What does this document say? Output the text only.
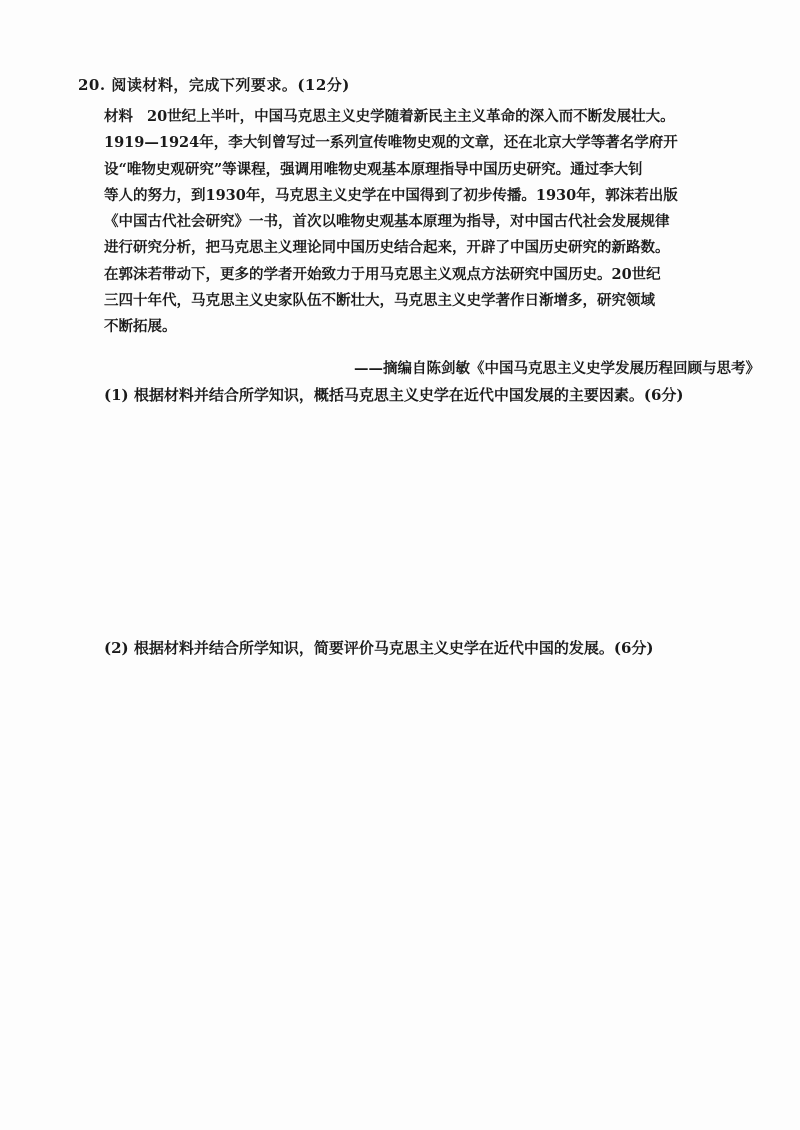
20. 阅读材料，完成下列要求。(12分)
材料 20世纪上半叶，中国马克思主义史学随着新民主主义革命的深入而不断发展壮大。
1919—1924年，李大钊曾写过一系列宣传唯物史观的文章，还在北京大学等著名学府开
设“唯物史观研究”等课程，强调用唯物史观基本原理指导中国历史研究。通过李大钊
等人的努力，到1930年，马克思主义史学在中国得到了初步传播。1930年，郭沫若出版
《中国古代社会研究》一书，首次以唯物史观基本原理为指导，对中国古代社会发展规律
进行研究分析，把马克思主义理论同中国历史结合起来，开辟了中国历史研究的新路数。
在郭沫若带动下，更多的学者开始致力于用马克思主义观点方法研究中国历史。20世纪
三四十年代，马克思主义史家队伍不断壮大，马克思主义史学著作日渐增多，研究领域
不断拓展。
——摘编自陈剑敏《中国马克思主义史学发展历程回顾与思考》
(1) 根据材料并结合所学知识，概括马克思主义史学在近代中国发展的主要因素。(6分)
(2) 根据材料并结合所学知识，简要评价马克思主义史学在近代中国的发展。(6分)
